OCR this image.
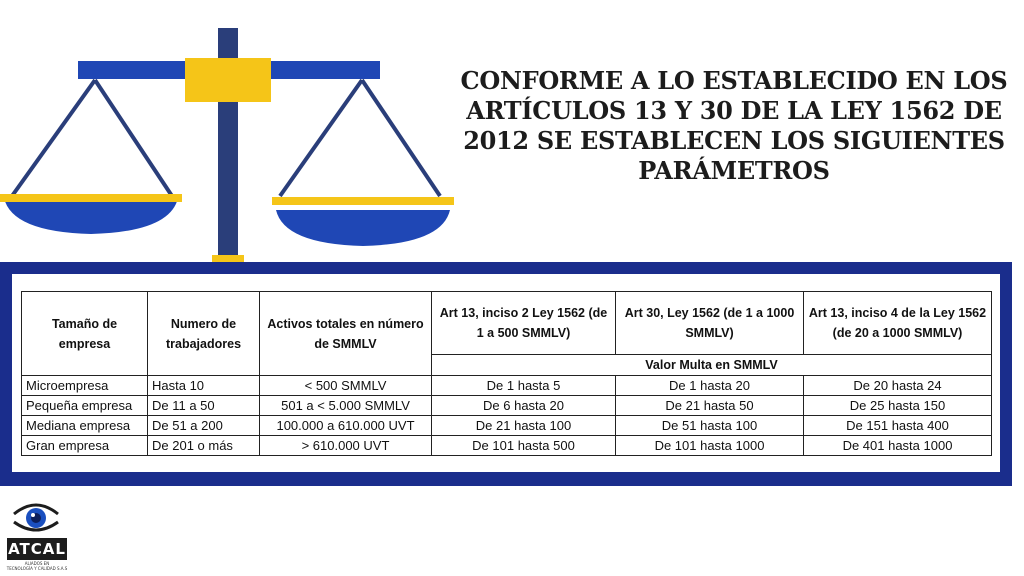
CONFORME A LO ESTABLECIDO EN LOS
ARTÍCULOS 13 Y 30 DE LA LEY 1562 DE
2012 SE ESTABLECEN LOS SIGUIENTES
PARÁMETROS
Tamaño de empresa	Numero de trabajadores	Activos totales en número de SMMLV	Art 13, inciso 2 Ley 1562 (de 1 a 500 SMMLV)	Art 30, Ley 1562 (de 1 a 1000 SMMLV)	Art 13, inciso 4 de la Ley 1562 (de 20 a 1000 SMMLV)
			Valor Multa en SMMLV		
Microempresa	Hasta 10	< 500 SMMLV	De 1 hasta 5	De 1 hasta 20	De 20 hasta 24
Pequeña empresa	De 11 a 50	501 a < 5.000 SMMLV	De 6 hasta 20	De 21 hasta 50	De 25 hasta 150
Mediana empresa	De 51 a 200	100.000 a 610.000 UVT	De 21 hasta 100	De 51 hasta 100	De 151 hasta 400
Gran empresa	De 201 o más	> 610.000 UVT	De 101 hasta 500	De 101 hasta 1000	De 401 hasta 1000
ATCAL
ALIADOS EN
TECNOLOGÍA Y CALIDAD S.A.S
